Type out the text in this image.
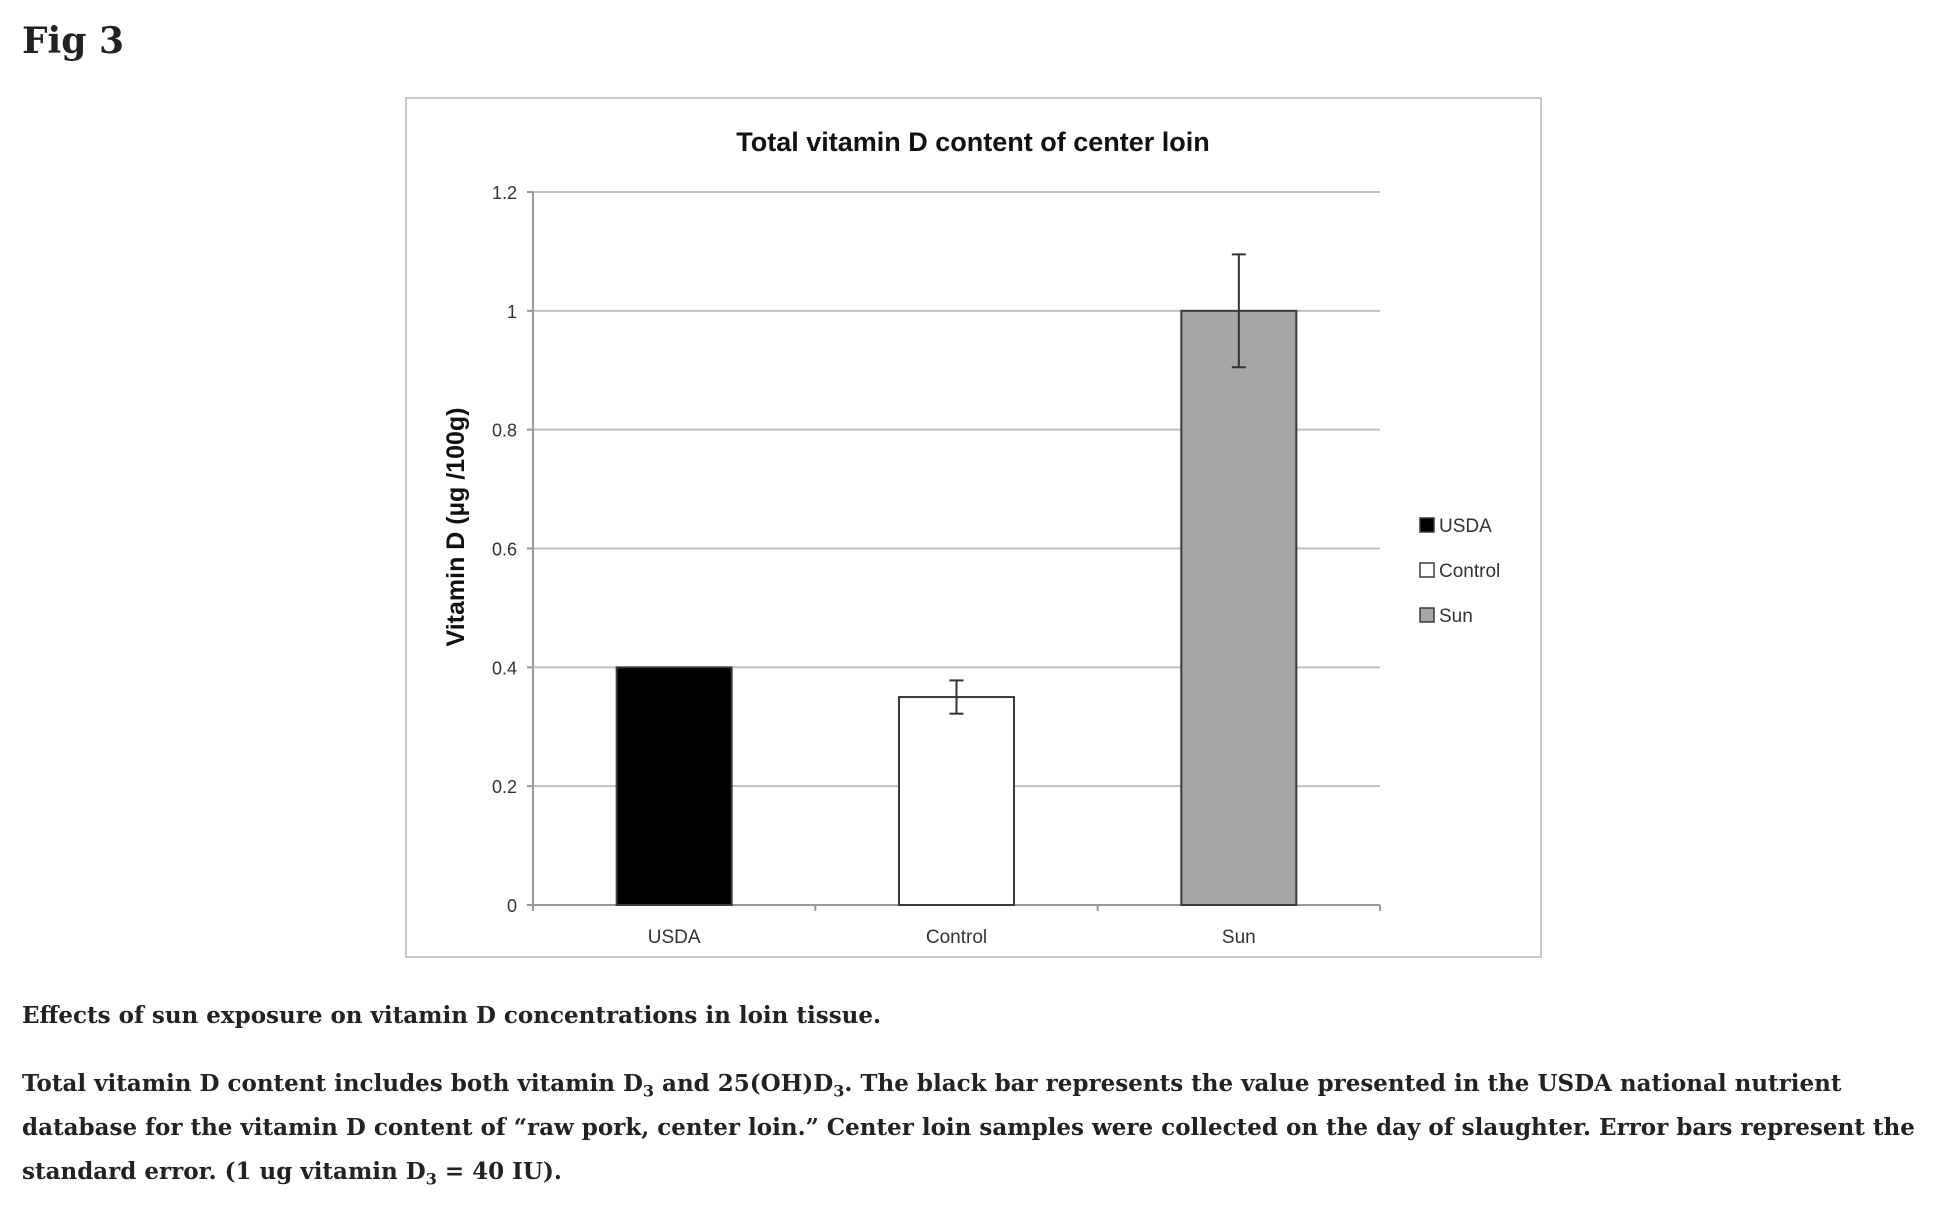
Fig 3
Total vitamin D content of center loin
0
0.2
0.4
0.6
0.8
1
1.2
USDA	Control	Sun
Vitamin D (µg /100g)	USDA
Control
Sun

Effects of sun exposure on vitamin D concentrations in loin tissue.

Total vitamin D content includes both vitamin $D_3$ and $25(OH)D_3$. The black bar represents the value presented in the USDA national nutrient database for the vitamin D content of “raw pork, center loin.” Center loin samples were collected on the day of slaughter. Error bars represent the standard error. (1 ug vitamin $D_3 = 40$ IU).
